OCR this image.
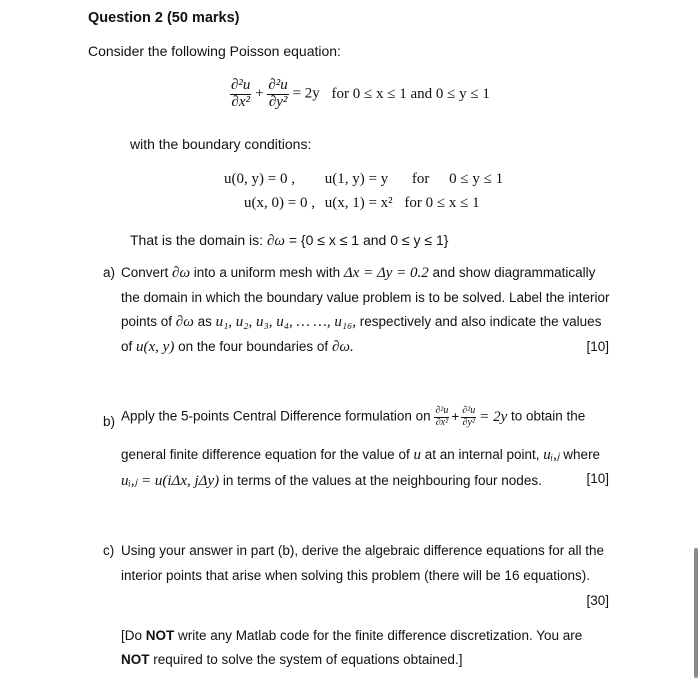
Question 2 (50 marks)
Consider the following Poisson equation:
$\frac{\text{∂²u}}{\text{∂x²}} + \frac{\text{∂²u}}{\text{∂y²}} = 2y$ for 0 ≤ x ≤ 1 and 0 ≤ y ≤ 1
with the boundary conditions:
u(0, y) = 0 , u(1, y) = y for 0 ≤ y ≤ 1
u(x, 0) = 0 , u(x, 1) = x² for 0 ≤ x ≤ 1
That is the domain is: ∂ω = {0 ≤ x ≤ 1 and 0 ≤ y ≤ 1}
a) Convert ∂ω into a uniform mesh with Δx = Δy = 0.2 and show diagrammatically
the domain in which the boundary value problem is to be solved. Label the interior
points of ∂ω as u₁, u₂, u₃, u₄, … …, u₁₆, respectively and also indicate the values
of u(x, y) on the four boundaries of ∂ω.	[10]
b) Apply the 5-points Central Difference formulation on $\frac{\text{∂²u}}{\text{∂x²}} + \frac{\text{∂²u}}{\text{∂y²}} = 2y$ to obtain the
general finite difference equation for the value of u at an internal point, uᵢ,ⱼ where
uᵢ,ⱼ = u(iΔx, jΔy) in terms of the values at the neighbouring four nodes.	[10]
c) Using your answer in part (b), derive the algebraic difference equations for all the
interior points that arise when solving this problem (there will be 16 equations).
[30]
[Do NOT write any Matlab code for the finite difference discretization. You are
NOT required to solve the system of equations obtained.]
